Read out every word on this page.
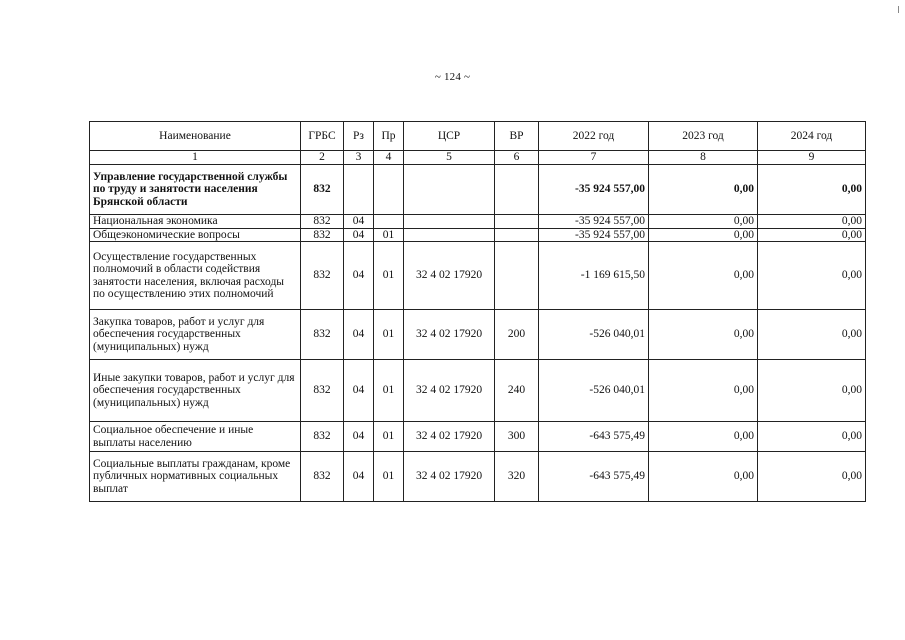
~ 124 ~
Наименование	ГРБС	Рз	Пр	ЦСР	ВР	2022 год	2023 год	2024 год
1	2	3	4	5	6	7	8	9
Управление государственной службы по труду и занятости населения Брянской области	832					-35 924 557,00	0,00	0,00
Национальная экономика	832	04				-35 924 557,00	0,00	0,00
Общеэкономические вопросы	832	04	01			-35 924 557,00	0,00	0,00
Осуществление государственных полномочий в области содействия занятости населения, включая расходы по осуществлению этих полномочий	832	04	01	32 4 02 17920		-1 169 615,50	0,00	0,00
Закупка товаров, работ и услуг для обеспечения государственных (муниципальных) нужд	832	04	01	32 4 02 17920	200	-526 040,01	0,00	0,00
Иные закупки товаров, работ и услуг для обеспечения государственных (муниципальных) нужд	832	04	01	32 4 02 17920	240	-526 040,01	0,00	0,00
Социальное обеспечение и иные выплаты населению	832	04	01	32 4 02 17920	300	-643 575,49	0,00	0,00
Социальные выплаты гражданам, кроме публичных нормативных социальных выплат	832	04	01	32 4 02 17920	320	-643 575,49	0,00	0,00
